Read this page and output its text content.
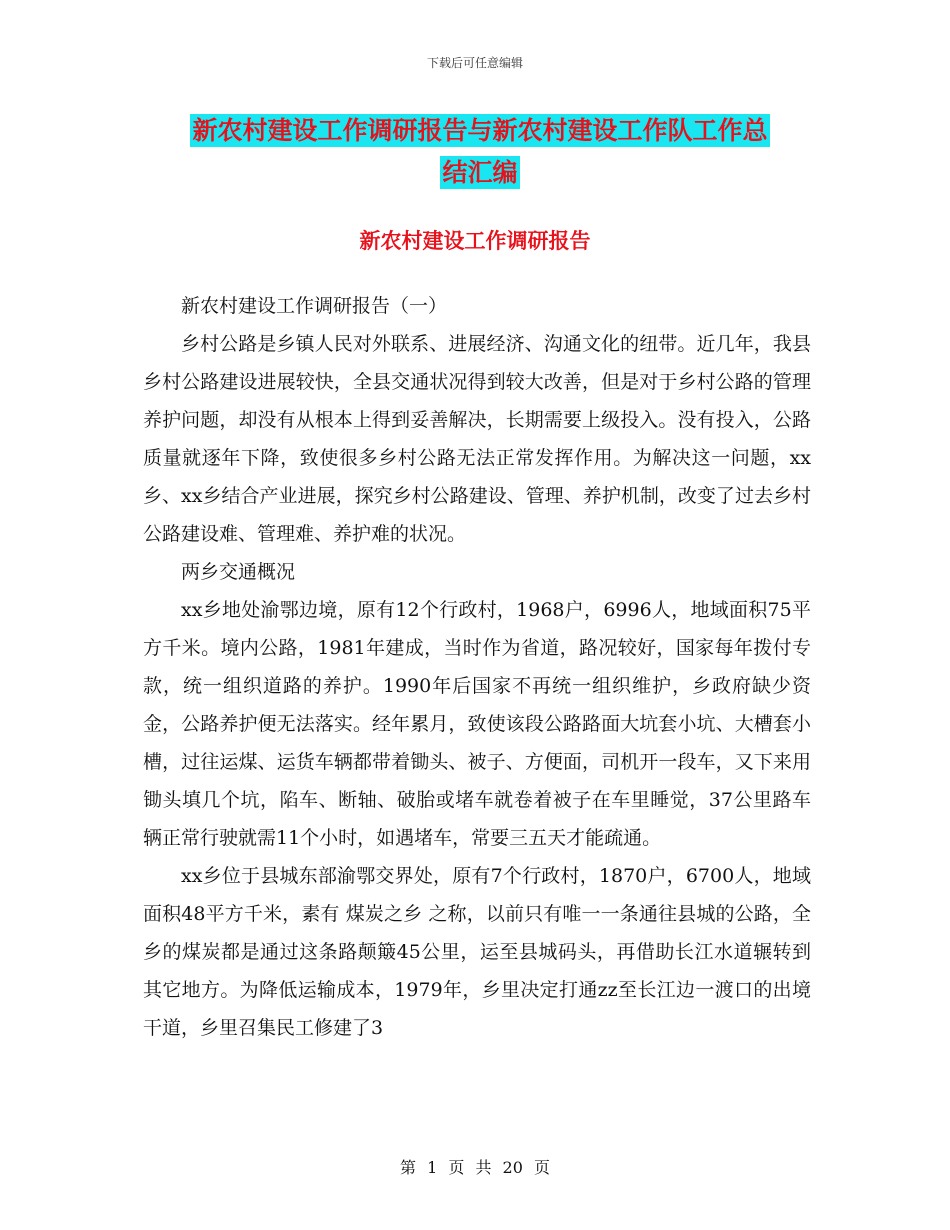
下载后可任意编辑
新农村建设工作调研报告与新农村建设工作队工作总
结汇编
新农村建设工作调研报告

新农村建设工作调研报告（一）

乡村公路是乡镇人民对外联系、进展经济、沟通文化的纽带。近几年，我县乡村公路建设进展较快，全县交通状况得到较大改善，但是对于乡村公路的管理养护问题，却没有从根本上得到妥善解决，长期需要上级投入。没有投入，公路质量就逐年下降，致使很多乡村公路无法正常发挥作用。为解决这一问题，xx乡、xx乡结合产业进展，探究乡村公路建设、管理、养护机制，改变了过去乡村公路建设难、管理难、养护难的状况。

两乡交通概况

xx乡地处渝鄂边境，原有12个行政村，1968户，6996人，地域面积75平方千米。境内公路，1981年建成，当时作为省道，路况较好，国家每年拨付专款，统一组织道路的养护。1990年后国家不再统一组织维护，乡政府缺少资金，公路养护便无法落实。经年累月，致使该段公路路面大坑套小坑、大槽套小槽，过往运煤、运货车辆都带着锄头、被子、方便面，司机开一段车，又下来用锄头填几个坑，陷车、断轴、破胎或堵车就卷着被子在车里睡觉，37公里路车辆正常行驶就需11个小时，如遇堵车，常要三五天才能疏通。

xx乡位于县城东部渝鄂交界处，原有7个行政村，1870户，6700人，地域面积48平方千米，素有 煤炭之乡 之称，以前只有唯一一条通往县城的公路，全乡的煤炭都是通过这条路颠簸45公里，运至县城码头，再借助长江水道辗转到其它地方。为降低运输成本，1979年，乡里决定打通zz至长江边一渡口的出境干道，乡里召集民工修建了3

第 1 页 共 20 页
